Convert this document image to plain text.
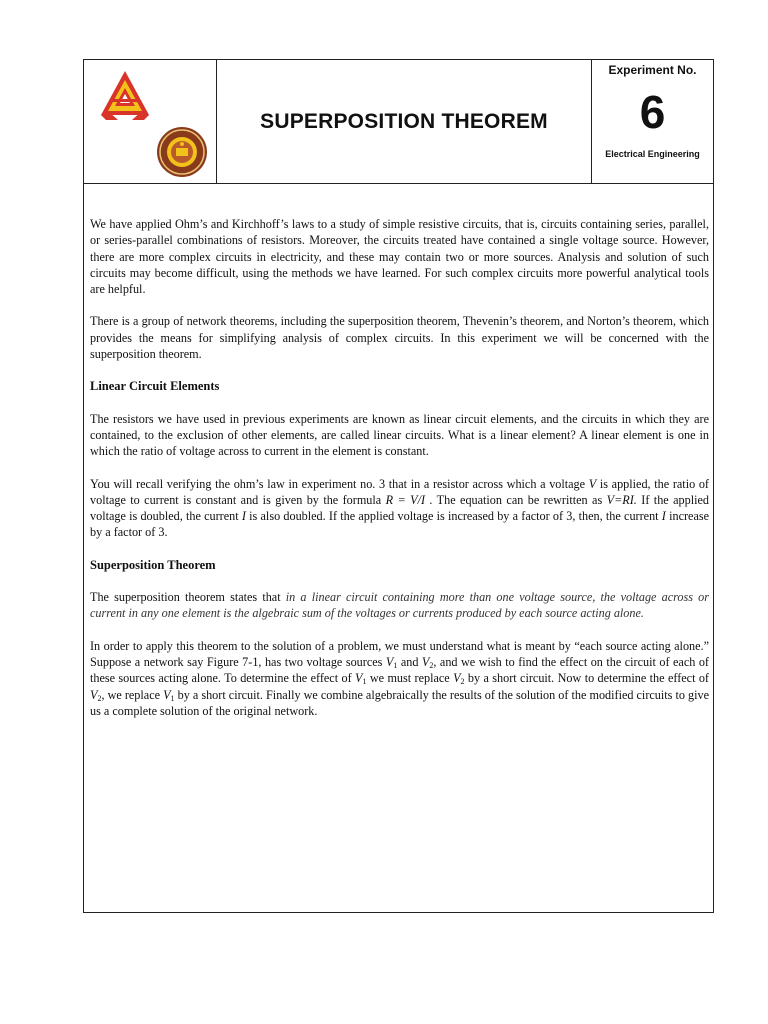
SUPERPOSITION THEOREM
Experiment No.
6
Electrical Engineering

We have applied Ohm’s and Kirchhoff’s laws to a study of simple resistive circuits, that is, circuits containing series, parallel, or series-parallel combinations of resistors. Moreover, the circuits treated have contained a single voltage source. However, there are more complex circuits in electricity, and these may contain two or more sources. Analysis and solution of such circuits may become difficult, using the methods we have learned. For such complex circuits more powerful analytical tools are helpful.

There is a group of network theorems, including the superposition theorem, Thevenin’s theorem, and Norton’s theorem, which provides the means for simplifying analysis of complex circuits. In this experiment we will be concerned with the superposition theorem.

Linear Circuit Elements

The resistors we have used in previous experiments are known as linear circuit elements, and the circuits in which they are contained, to the exclusion of other elements, are called linear circuits. What is a linear element? A linear element is one in which the ratio of voltage across to current in the element is constant.

You will recall verifying the ohm’s law in experiment no. 3 that in a resistor across which a voltage V is applied, the ratio of voltage to current is constant and is given by the formula R = V/I . The equation can be rewritten as V=RI. If the applied voltage is doubled, the current I is also doubled. If the applied voltage is increased by a factor of 3, then, the current I increase by a factor of 3.

Superposition Theorem

The superposition theorem states that in a linear circuit containing more than one voltage source, the voltage across or current in any one element is the algebraic sum of the voltages or currents produced by each source acting alone.

In order to apply this theorem to the solution of a problem, we must understand what is meant by “each source acting alone.” Suppose a network say Figure 7-1, has two voltage sources $V_1$ and $V_2$, and we wish to find the effect on the circuit of each of these sources acting alone. To determine the effect of $V_1$ we must replace $V_2$ by a short circuit. Now to determine the effect of $V_2$, we replace $V_1$ by a short circuit. Finally we combine algebraically the results of the solution of the modified circuits to give us a complete solution of the original network.
